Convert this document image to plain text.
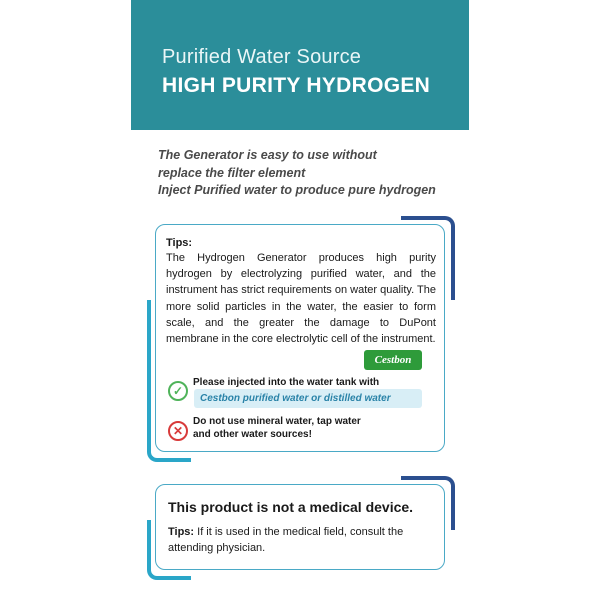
Purified Water Source
HIGH PURITY HYDROGEN
The Generator is easy to use without
replace the filter element
Inject Purified water to produce pure hydrogen
Tips:
The Hydrogen Generator produces high purity hydrogen by electrolyzing purified water, and the instrument has strict requirements on water quality. The more solid particles in the water, the easier to form scale, and the greater the damage to DuPont membrane in the core electrolytic cell of the instrument.
Cestbon
✓
Please injected into the water tank with
Cestbon purified water or distilled water
✕
Do not use mineral water, tap water
and other water sources!
This product is not a medical device.
Tips: If it is used in the medical field, consult the attending physician.
